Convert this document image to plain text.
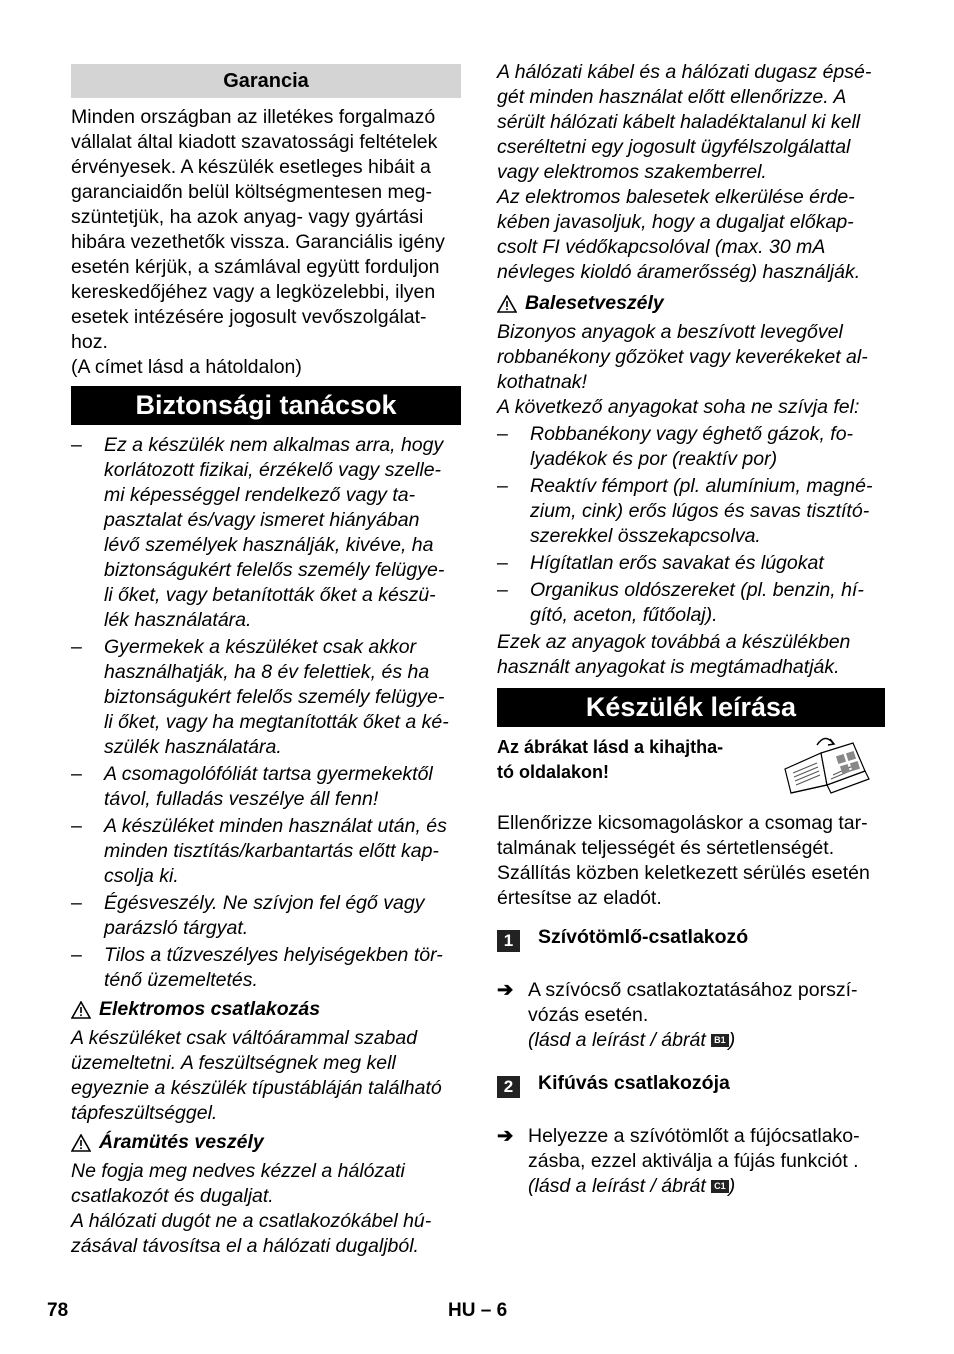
Garancia

Minden országban az illetékes forgalmazó
vállalat által kiadott szavatossági feltételek
érvényesek. A készülék esetleges hibáit a
garanciaidőn belül költségmentesen meg-
szüntetjük, ha azok anyag- vagy gyártási
hibára vezethetők vissza. Garanciális igény
esetén kérjük, a számlával együtt forduljon
kereskedőjéhez vagy a legközelebbi, ilyen
esetek intézésére jogosult vevőszolgálat-
hoz.
(A címet lásd a hátoldalon)

Biztonsági tanácsok
– Ez a készülék nem alkalmas arra, hogy
korlátozott fizikai, érzékelő vagy szelle-
mi képességgel rendelkező vagy ta-
pasztalat és/vagy ismeret hiányában
lévő személyek használják, kivéve, ha
biztonságukért felelős személy felügye-
li őket, vagy betanították őket a készü-
lék használatára.
– Gyermekek a készüléket csak akkor
használhatják, ha 8 év felettiek, és ha
biztonságukért felelős személy felügye-
li őket, vagy ha megtanították őket a ké-
szülék használatára.
– A csomagolófóliát tartsa gyermekektől
távol, fulladás veszélye áll fenn!
– A készüléket minden használat után, és
minden tisztítás/karbantartás előtt kap-
csolja ki.
– Égésveszély. Ne szívjon fel égő vagy
parázsló tárgyat.
– Tilos a tűzveszélyes helyiségekben tör-
ténő üzemeltetés.
Elektromos csatlakozás

A készüléket csak váltóárammal szabad
üzemeltetni. A feszültségnek meg kell
egyeznie a készülék típustábláján található
tápfeszültséggel.

Áramütés veszély

Ne fogja meg nedves kézzel a hálózati
csatlakozót és dugaljat.
A hálózati dugót ne a csatlakozókábel hú-
zásával távosítsa el a hálózati dugaljból.

A hálózati kábel és a hálózati dugasz épsé-
gét minden használat előtt ellenőrizze. A
sérült hálózati kábelt haladéktalanul ki kell
cseréltetni egy jogosult ügyfélszolgálattal
vagy elektromos szakemberrel.
Az elektromos balesetek elkerülése érde-
kében javasoljuk, hogy a dugaljat előkap-
csolt FI védőkapcsolóval (max. 30 mA
névleges kioldó áramerősség) használják.

Balesetveszély

Bizonyos anyagok a beszívott levegővel
robbanékony gőzöket vagy keverékeket al-
kothatnak!
A következő anyagokat soha ne szívja fel:

– Robbanékony vagy éghető gázok, fo-
lyadékok és por (reaktív por)
– Reaktív fémport (pl. alumínium, magné-
zium, cink) erős lúgos és savas tisztító-
szerekkel összekapcsolva.
– Hígítatlan erős savakat és lúgokat
– Organikus oldószereket (pl. benzin, hí-
gító, aceton, fűtőolaj).

Ezek az anyagok továbbá a készülékben
használt anyagokat is megtámadhatják.

Készülék leírása

Az ábrákat lásd a kihajtha-
tó oldalakon!

Ellenőrizze kicsomagoláskor a csomag tar-
talmának teljességét és sértetlenségét.
Szállítás közben keletkezett sérülés esetén
értesítse az eladót.

1	Szívótömlő-csatlakozó
➔ A szívócső csatlakoztatásához porszí-
vózás esetén.
(lásd a leírást / ábrát B1 )
2	Kifúvás csatlakozója
➔ Helyezze a szívótömlőt a fújócsatlako-
zásba, ezzel aktiválja a fújás funkciót .
(lásd a leírást / ábrát C1 )
78	HU – 6
